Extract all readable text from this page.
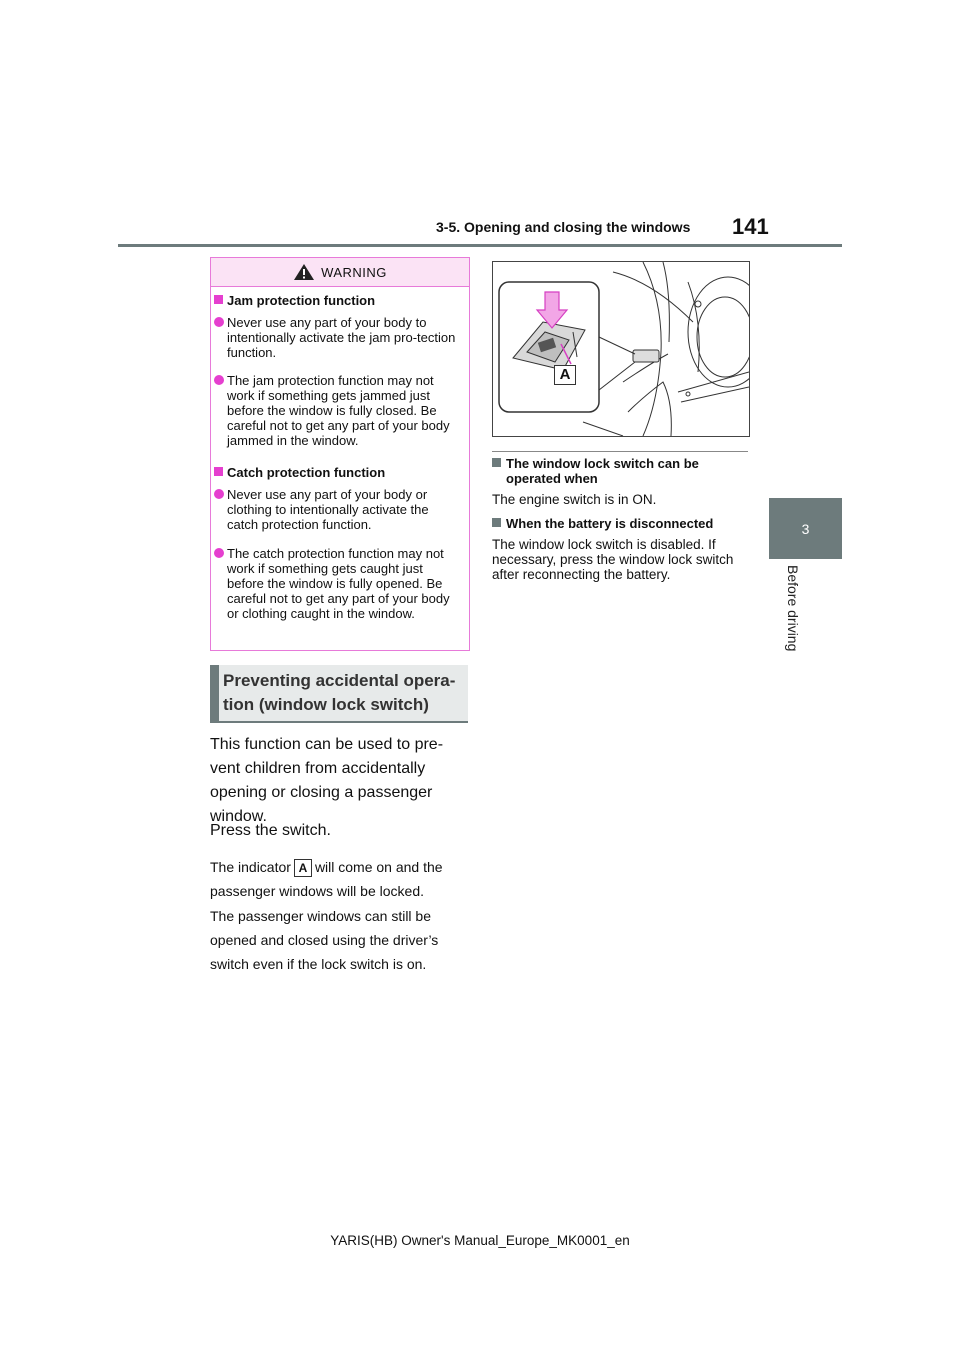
3-5. Opening and closing the windows 141
3
Before driving
WARNING
Jam protection function
Never use any part of your body to intentionally activate the jam pro-tection function.
The jam protection function may not work if something gets jammed just before the window is fully closed. Be careful not to get any part of your body jammed in the window.
Catch protection function
Never use any part of your body or clothing to intentionally activate the catch protection function.
The catch protection function may not work if something gets caught just before the window is fully opened. Be careful not to get any part of your body or clothing caught in the window.
Preventing accidental opera-tion (window lock switch)
This function can be used to pre-vent children from accidentally opening or closing a passenger window.
Press the switch.
The indicator A will come on and the passenger windows will be locked.
The passenger windows can still be opened and closed using the driver’s switch even if the lock switch is on.
A
The window lock switch can be operated when
The engine switch is in ON.
When the battery is disconnected
The window lock switch is disabled. If necessary, press the window lock switch after reconnecting the battery.
YARIS(HB) Owner's Manual_Europe_MK0001_en
